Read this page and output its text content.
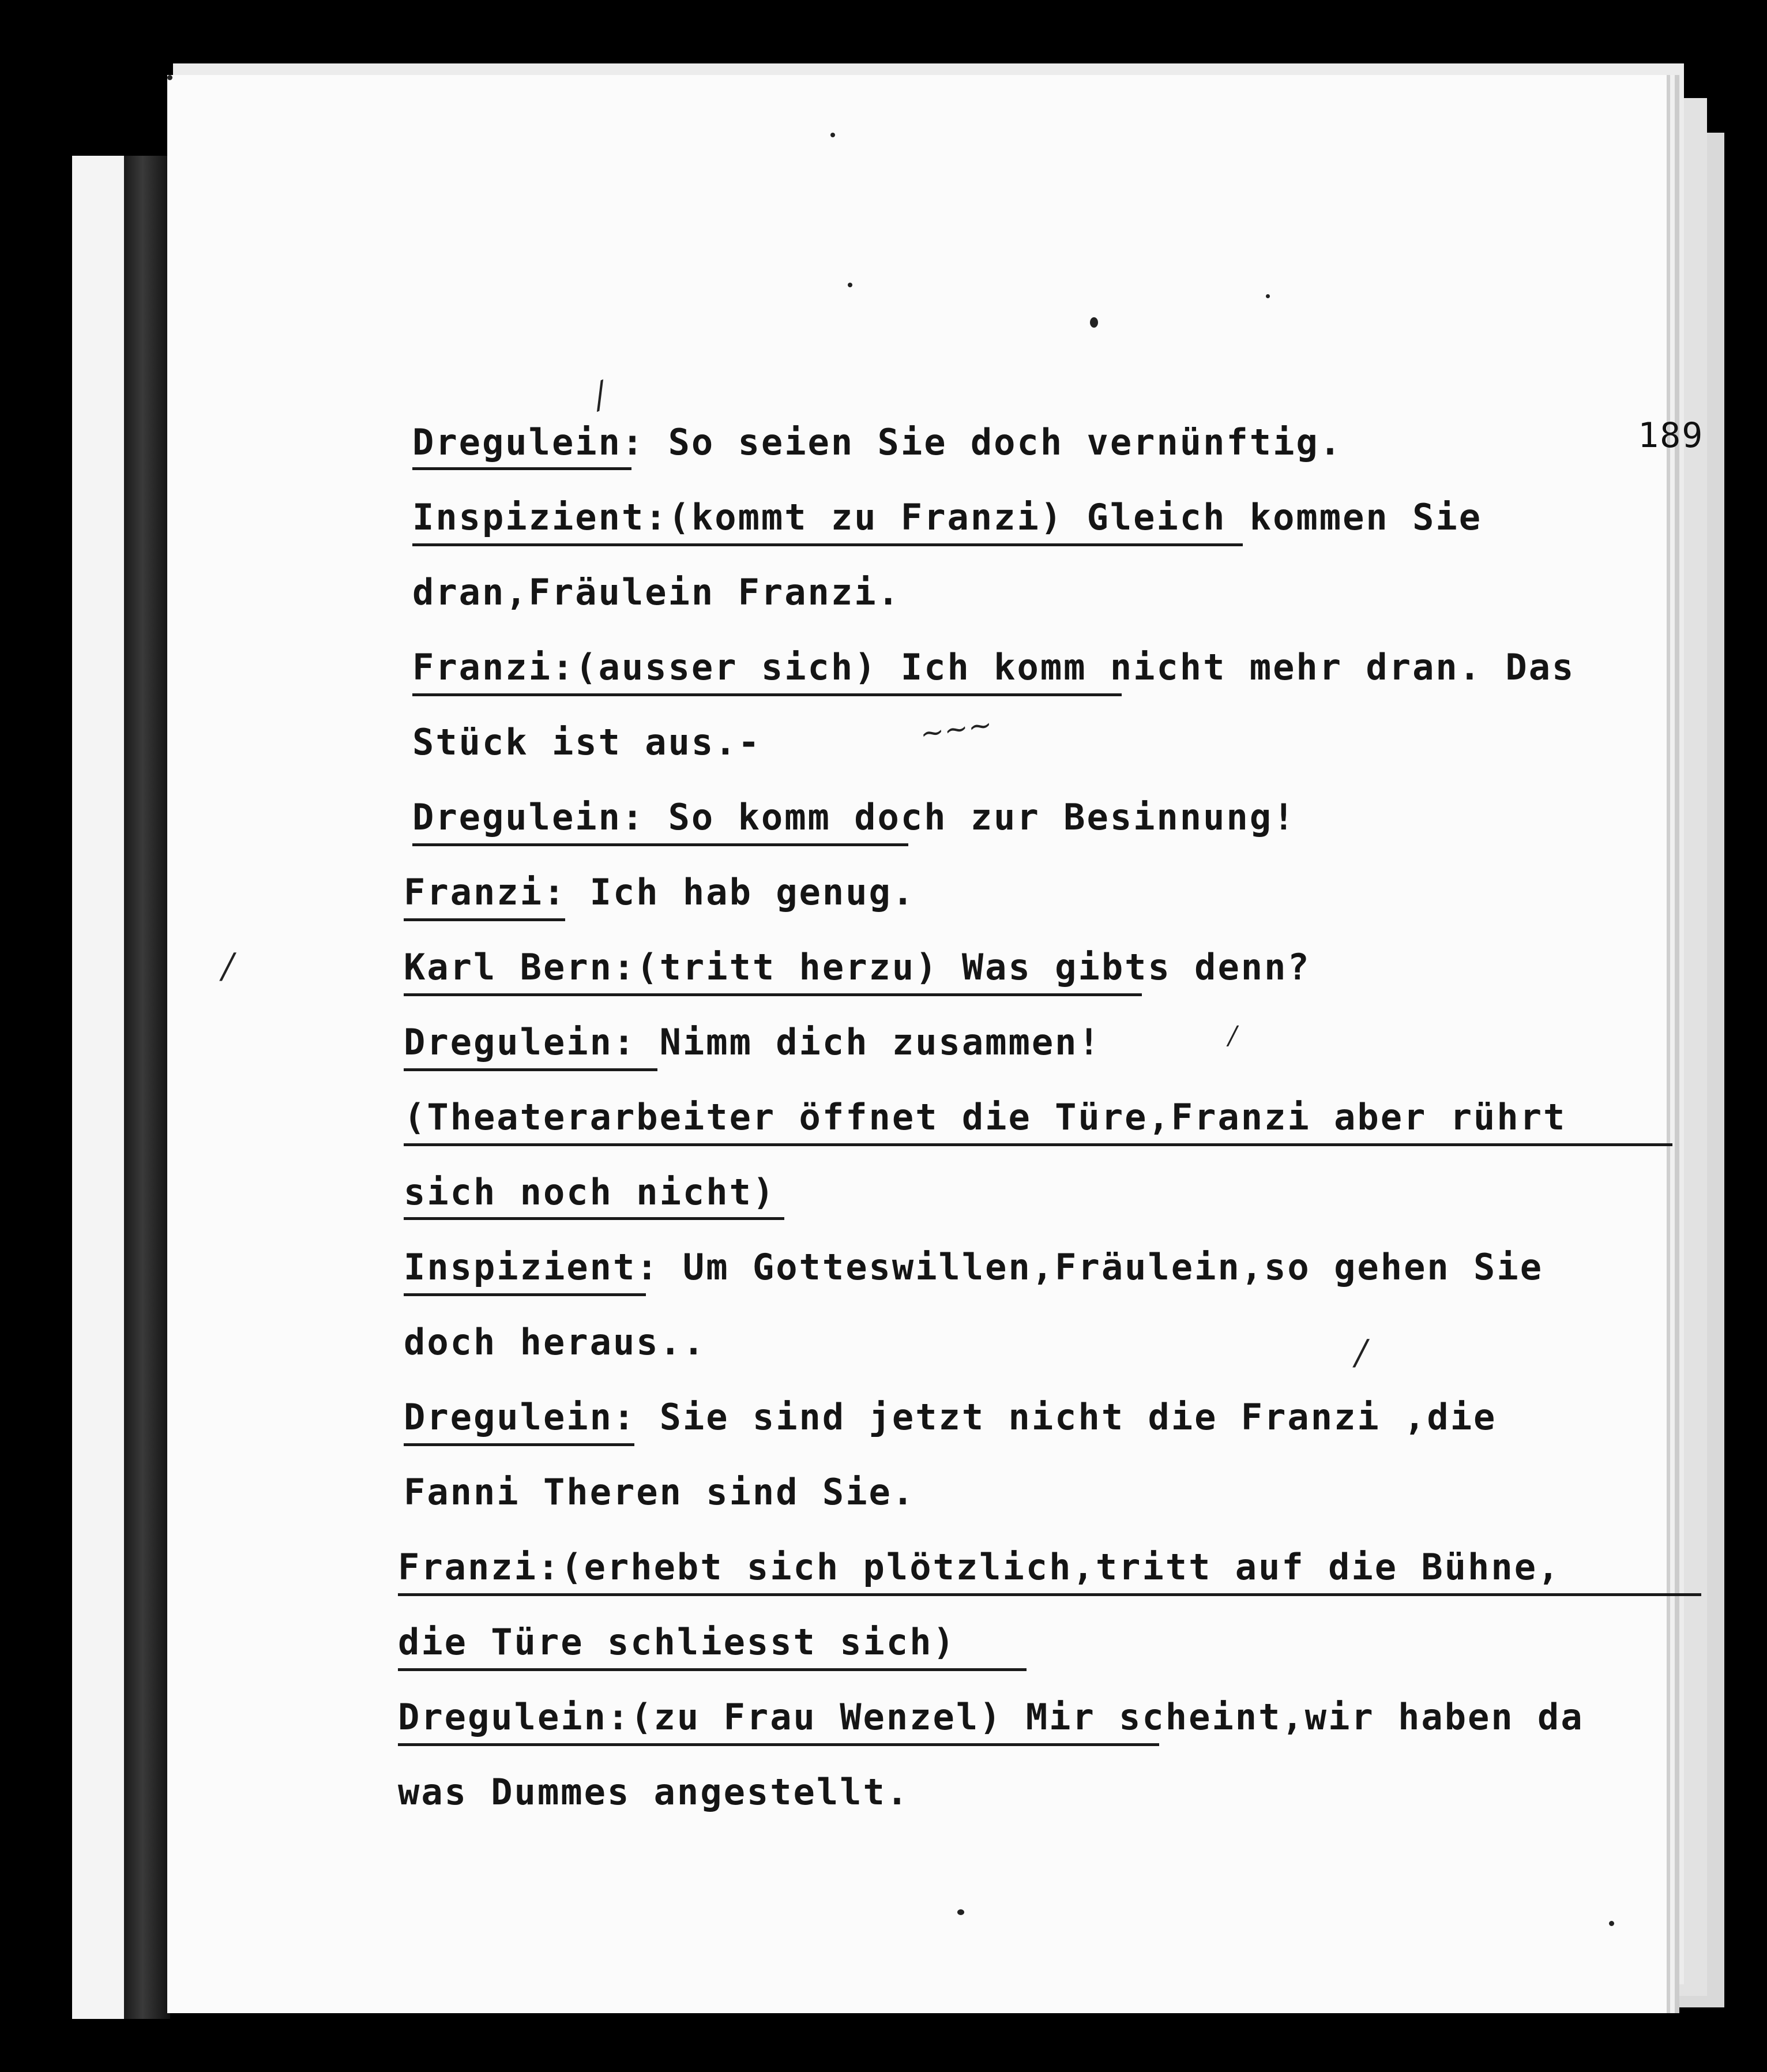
189
Dregulein: So seien Sie doch vernünftig.
Inspizient:(kommt zu Franzi) Gleich kommen Sie
dran,Fräulein Franzi.
Franzi:(ausser sich) Ich komm nicht mehr dran. Das
Stück ist aus.-
Dregulein: So komm doch zur Besinnung!
Franzi: Ich hab genug.
Karl Bern:(tritt herzu) Was gibts denn?
Dregulein: Nimm dich zusammen!
(Theaterarbeiter öffnet die Türe,Franzi aber rührt
sich noch nicht)
Inspizient: Um Gotteswillen,Fräulein,so gehen Sie
doch heraus..
Dregulein: Sie sind jetzt nicht die Franzi ,die
Fanni Theren sind Sie.
Franzi:(erhebt sich plötzlich,tritt auf die Bühne,
die Türe schliesst sich)
Dregulein:(zu Frau Wenzel) Mir scheint,wir haben da
was Dummes angestellt.
/
~~~
/
/
/
